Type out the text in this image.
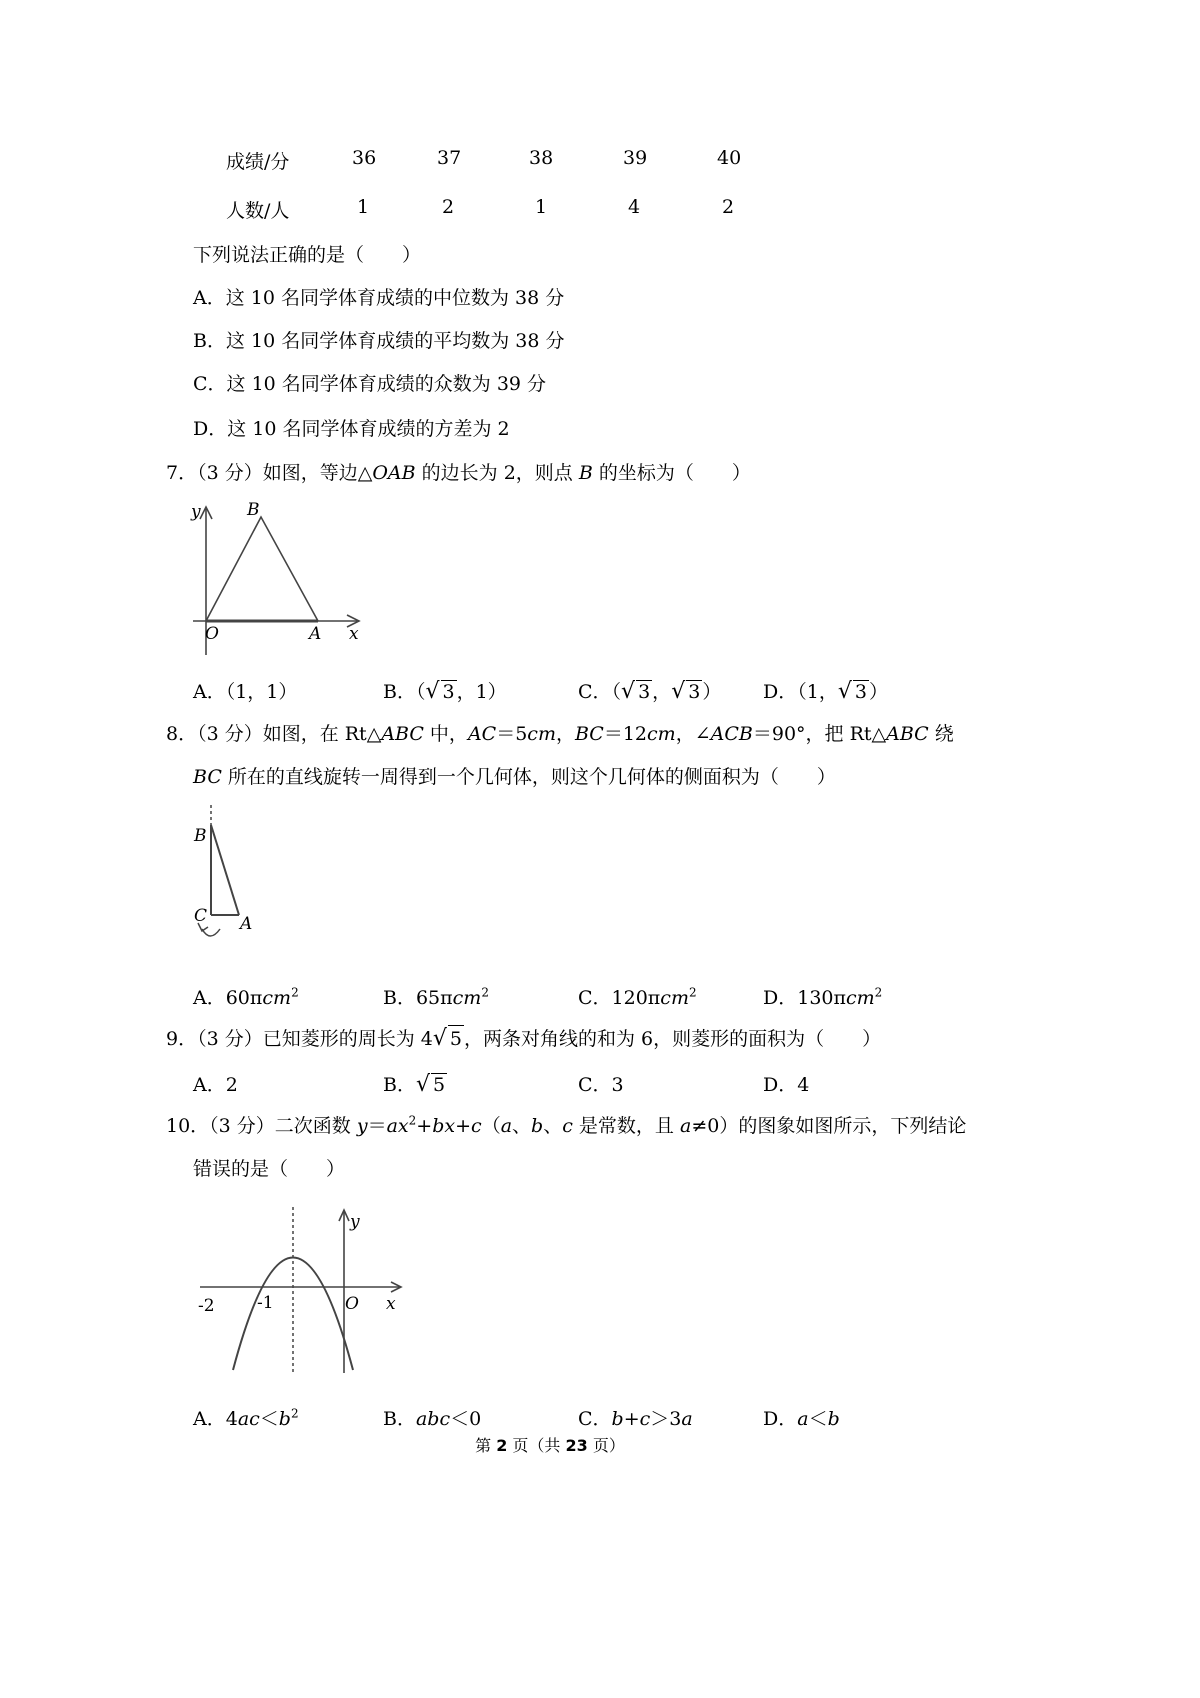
成绩/分	36	37	38	39	40
人数/人	1	2	1	4	2
下列说法正确的是（　　）
A．这 10 名同学体育成绩的中位数为 38 分
B．这 10 名同学体育成绩的平均数为 38 分
C．这 10 名同学体育成绩的众数为 39 分
D．这 10 名同学体育成绩的方差为 2
7．（3 分）如图，等边△OAB 的边长为 2，则点 B 的坐标为（　　）
y	B
O	A x
A．（1，1）	B．（√ 3 ，1）	C．（√ 3 ，√ 3 ） D．（1，√ 3 ）
8．（3 分）如图，在 Rt△ABC 中，AC＝5cm，BC＝12cm，∠ACB＝90°，把 Rt△ABC 绕
BC 所在的直线旋转一周得到一个几何体，则这个几何体的侧面积为（　　）
B
C A
A．60πcm$^2$	B．65πcm$^2$	C．120πcm$^2$	D．130πcm$^2$
9．（3 分）已知菱形的周长为 4√ 5 ，两条对角线的和为 6，则菱形的面积为（　　）
A．2	B．√ 5	C．3	D．4
10．（3 分）二次函数 $y=ax^2+bx+c(a$、b、c 是常数，且 a≠0）的图象如图所示，下列结论
错误的是（　　）
-2 -1	O x
y
A．$4ac<b^2$	B．abc＜0	C．b+c＞3a	D．a＜b
第 2 页（共 23 页）
